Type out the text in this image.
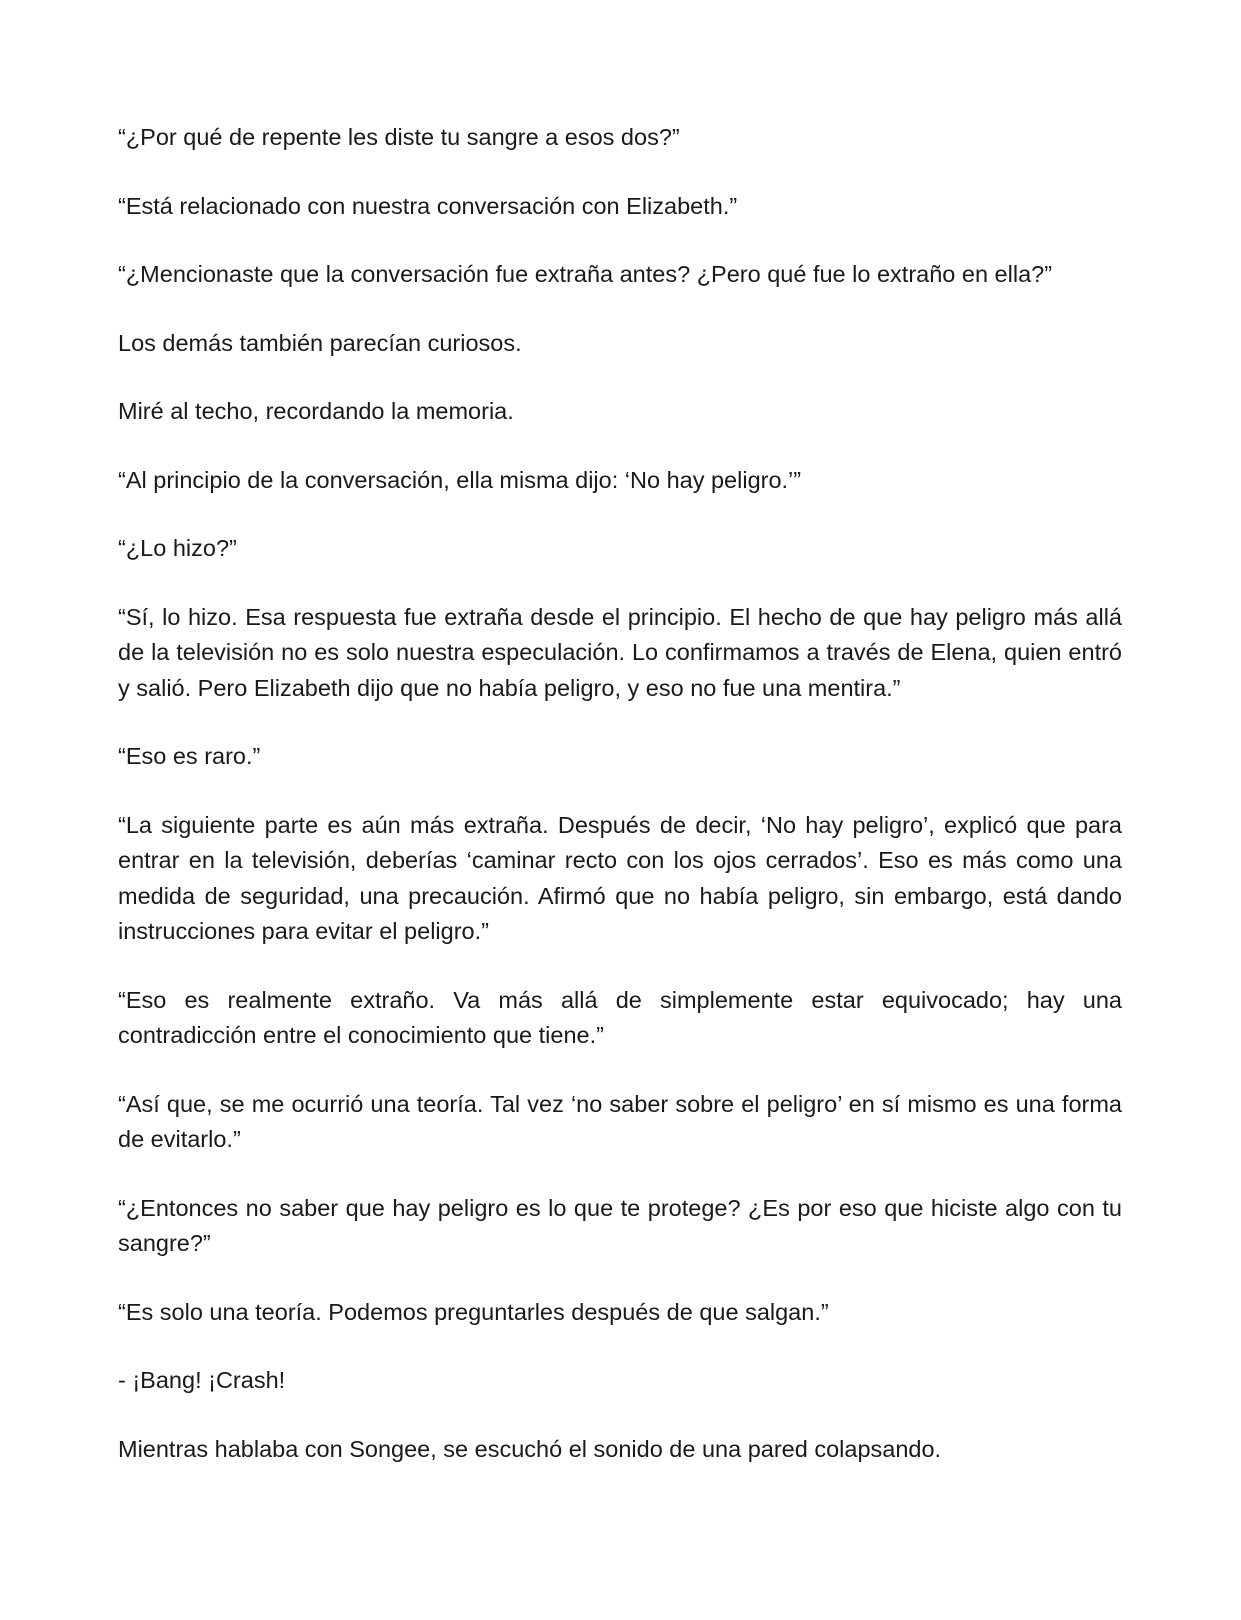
“¿Por qué de repente les diste tu sangre a esos dos?”

“Está relacionado con nuestra conversación con Elizabeth.”

“¿Mencionaste que la conversación fue extraña antes? ¿Pero qué fue lo extraño en ella?”

Los demás también parecían curiosos.

Miré al techo, recordando la memoria.

“Al principio de la conversación, ella misma dijo: ‘No hay peligro.’”

“¿Lo hizo?”

“Sí, lo hizo. Esa respuesta fue extraña desde el principio. El hecho de que hay peligro más allá de la televisión no es solo nuestra especulación. Lo confirmamos a través de Elena, quien entró y salió. Pero Elizabeth dijo que no había peligro, y eso no fue una mentira.”

“Eso es raro.”

“La siguiente parte es aún más extraña. Después de decir, ‘No hay peligro’, explicó que para entrar en la televisión, deberías ‘caminar recto con los ojos cerrados’. Eso es más como una medida de seguridad, una precaución. Afirmó que no había peligro, sin embargo, está dando instrucciones para evitar el peligro.”

“Eso es realmente extraño. Va más allá de simplemente estar equivocado; hay una contradicción entre el conocimiento que tiene.”

“Así que, se me ocurrió una teoría. Tal vez ‘no saber sobre el peligro’ en sí mismo es una forma de evitarlo.”

“¿Entonces no saber que hay peligro es lo que te protege? ¿Es por eso que hiciste algo con tu sangre?”

“Es solo una teoría. Podemos preguntarles después de que salgan.”

- ¡Bang! ¡Crash!

Mientras hablaba con Songee, se escuchó el sonido de una pared colapsando.
